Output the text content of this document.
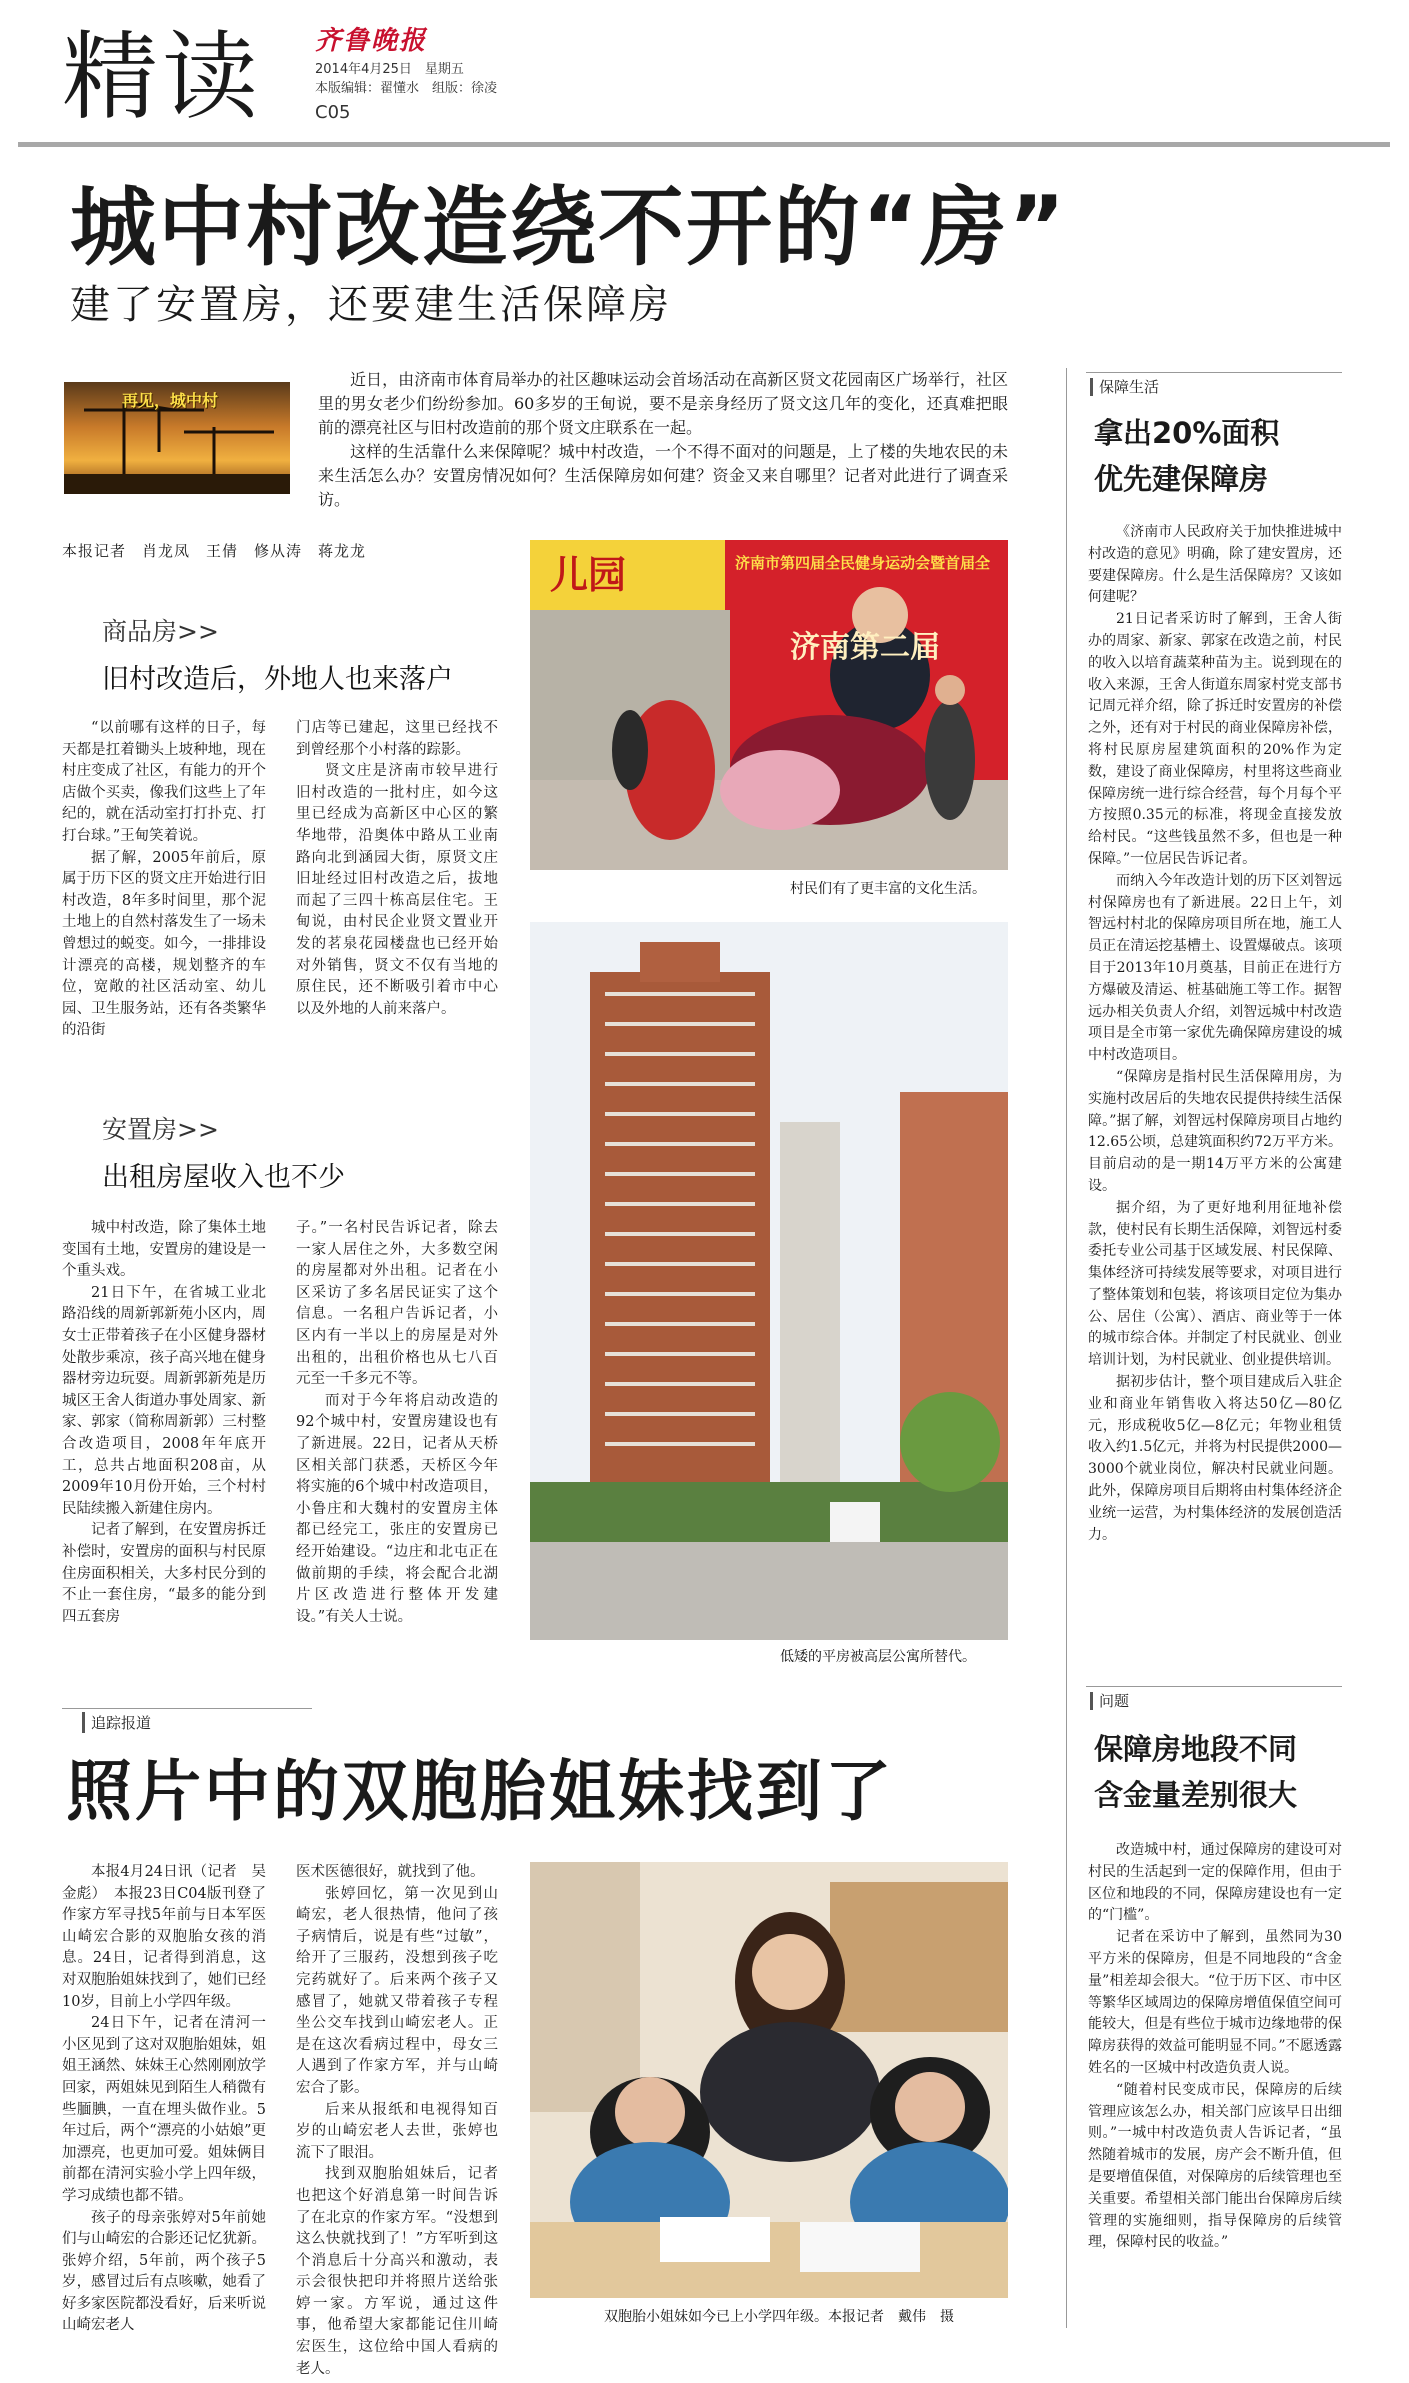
精读 齐鲁晚报
2014年4月25日　星期五
本版编辑：翟懂水　组版：徐凌
C05
城中村改造绕不开的“房”
建了安置房，还要建生活保障房
再见，城中村

近日，由济南市体育局举办的社区趣味运动会首场活动在高新区贤文花园南区广场举行，社区里的男女老少们纷纷参加。60多岁的王甸说，要不是亲身经历了贤文这几年的变化，还真难把眼前的漂亮社区与旧村改造前的那个贤文庄联系在一起。

这样的生活靠什么来保障呢？城中村改造，一个不得不面对的问题是，上了楼的失地农民的未来生活怎么办？安置房情况如何？生活保障房如何建？资金又来自哪里？记者对此进行了调查采访。

本报记者　肖龙凤　王倩　修从涛　蒋龙龙
商品房>>
旧村改造后，外地人也来落户

“以前哪有这样的日子，每天都是扛着锄头上坡种地，现在村庄变成了社区，有能力的开个店做个买卖，像我们这些上了年纪的，就在活动室打打扑克、打打台球。”王甸笑着说。

据了解，2005年前后，原属于历下区的贤文庄开始进行旧村改造，8年多时间里，那个泥土地上的自然村落发生了一场未曾想过的蜕变。如今，一排排设计漂亮的高楼，规划整齐的车位，宽敞的社区活动室、幼儿园、卫生服务站，还有各类繁华的沿街

门店等已建起，这里已经找不到曾经那个小村落的踪影。

贤文庄是济南市较早进行旧村改造的一批村庄，如今这里已经成为高新区中心区的繁华地带，沿奥体中路从工业南路向北到涵园大街，原贤文庄旧址经过旧村改造之后，拔地而起了三四十栋高层住宅。王甸说，由村民企业贤文置业开发的茗泉花园楼盘也已经开始对外销售，贤文不仅有当地的原住民，还不断吸引着市中心以及外地的人前来落户。

儿园	济南市第四届全民健身运动会暨首届全
济南第二届
村民们有了更丰富的文化生活。
安置房>>
出租房屋收入也不少

城中村改造，除了集体土地变国有土地，安置房的建设是一个重头戏。

21日下午，在省城工业北路沿线的周新郭新苑小区内，周女士正带着孩子在小区健身器材处散步乘凉，孩子高兴地在健身器材旁边玩耍。周新郭新苑是历城区王舍人街道办事处周家、新家、郭家（简称周新郭）三村整合改造项目，2008年年底开工，总共占地面积208亩，从2009年10月份开始，三个村村民陆续搬入新建住房内。

记者了解到，在安置房拆迁补偿时，安置房的面积与村民原住房面积相关，大多村民分到的不止一套住房，“最多的能分到四五套房

子。”一名村民告诉记者，除去一家人居住之外，大多数空闲的房屋都对外出租。记者在小区采访了多名居民证实了这个信息。一名租户告诉记者，小区内有一半以上的房屋是对外出租的，出租价格也从七八百元至一千多元不等。

而对于今年将启动改造的92个城中村，安置房建设也有了新进展。22日，记者从天桥区相关部门获悉，天桥区今年将实施的6个城中村改造项目，小鲁庄和大魏村的安置房主体都已经完工，张庄的安置房已经开始建设。“边庄和北屯正在做前期的手续，将会配合北湖片区改造进行整体开发建设。”有关人士说。

低矮的平房被高层公寓所替代。
保障生活
拿出20%面积
优先建保障房

《济南市人民政府关于加快推进城中村改造的意见》明确，除了建安置房，还要建保障房。什么是生活保障房？又该如何建呢？

21日记者采访时了解到，王舍人街办的周家、新家、郭家在改造之前，村民的收入以培育蔬菜种苗为主。说到现在的收入来源，王舍人街道东周家村党支部书记周元祥介绍，除了拆迁时安置房的补偿之外，还有对于村民的商业保障房补偿，将村民原房屋建筑面积的20%作为定数，建设了商业保障房，村里将这些商业保障房统一进行综合经营，每个月每个平方按照0.35元的标准，将现金直接发放给村民。“这些钱虽然不多，但也是一种保障。”一位居民告诉记者。

而纳入今年改造计划的历下区刘智远村保障房也有了新进展。22日上午，刘智远村村北的保障房项目所在地，施工人员正在清运挖基槽土、设置爆破点。该项目于2013年10月奠基，目前正在进行方方爆破及清运、桩基础施工等工作。据智远办相关负责人介绍，刘智远城中村改造项目是全市第一家优先确保障房建设的城中村改造项目。

“保障房是指村民生活保障用房，为实施村改居后的失地农民提供持续生活保障。”据了解，刘智远村保障房项目占地约12.65公顷，总建筑面积约72万平方米。目前启动的是一期14万平方米的公寓建设。

据介绍，为了更好地利用征地补偿款，使村民有长期生活保障，刘智远村委委托专业公司基于区域发展、村民保障、集体经济可持续发展等要求，对项目进行了整体策划和包装，将该项目定位为集办公、居住（公寓）、酒店、商业等于一体的城市综合体。并制定了村民就业、创业培训计划，为村民就业、创业提供培训。

据初步估计，整个项目建成后入驻企业和商业年销售收入将达50亿—80亿元，形成税收5亿—8亿元；年物业租赁收入约1.5亿元，并将为村民提供2000—3000个就业岗位，解决村民就业问题。此外，保障房项目后期将由村集体经济企业统一运营，为村集体经济的发展创造活力。

问题
保障房地段不同
含金量差别很大

改造城中村，通过保障房的建设可对村民的生活起到一定的保障作用，但由于区位和地段的不同，保障房建设也有一定的“门槛”。

记者在采访中了解到，虽然同为30平方米的保障房，但是不同地段的“含金量”相差却会很大。“位于历下区、市中区等繁华区域周边的保障房增值保值空间可能较大，但是有些位于城市边缘地带的保障房获得的效益可能明显不同。”不愿透露姓名的一区城中村改造负责人说。

“随着村民变成市民，保障房的后续管理应该怎么办，相关部门应该早日出细则。”一城中村改造负责人告诉记者，“虽然随着城市的发展，房产会不断升值，但是要增值保值，对保障房的后续管理也至关重要。希望相关部门能出台保障房后续管理的实施细则，指导保障房的后续管理，保障村民的收益。”

追踪报道
照片中的双胞胎姐妹找到了

本报4月24日讯（记者　吴金彪）　本报23日C04版刊登了作家方军寻找5年前与日本军医山崎宏合影的双胞胎女孩的消息。24日，记者得到消息，这对双胞胎姐妹找到了，她们已经10岁，目前上小学四年级。

24日下午，记者在清河一小区见到了这对双胞胎姐妹，姐姐王涵然、妹妹王心然刚刚放学回家，两姐妹见到陌生人稍微有些腼腆，一直在埋头做作业。5年过后，两个“漂亮的小姑娘”更加漂亮，也更加可爱。姐妹俩目前都在清河实验小学上四年级，学习成绩也都不错。

孩子的母亲张婷对5年前她们与山崎宏的合影还记忆犹新。张婷介绍，5年前，两个孩子5岁，感冒过后有点咳嗽，她看了好多家医院都没看好，后来听说山崎宏老人

医术医德很好，就找到了他。

张婷回忆，第一次见到山崎宏，老人很热情，他问了孩子病情后，说是有些“过敏”，给开了三服药，没想到孩子吃完药就好了。后来两个孩子又感冒了，她就又带着孩子专程坐公交车找到山崎宏老人。正是在这次看病过程中，母女三人遇到了作家方军，并与山崎宏合了影。

后来从报纸和电视得知百岁的山崎宏老人去世，张婷也流下了眼泪。

找到双胞胎姐妹后，记者也把这个好消息第一时间告诉了在北京的作家方军。“没想到这么快就找到了！”方军听到这个消息后十分高兴和激动，表示会很快把印并将照片送给张婷一家。方军说，通过这件事，他希望大家都能记住川崎宏医生，这位给中国人看病的老人。

双胞胎小姐妹如今已上小学四年级。本报记者　戴伟　摄
